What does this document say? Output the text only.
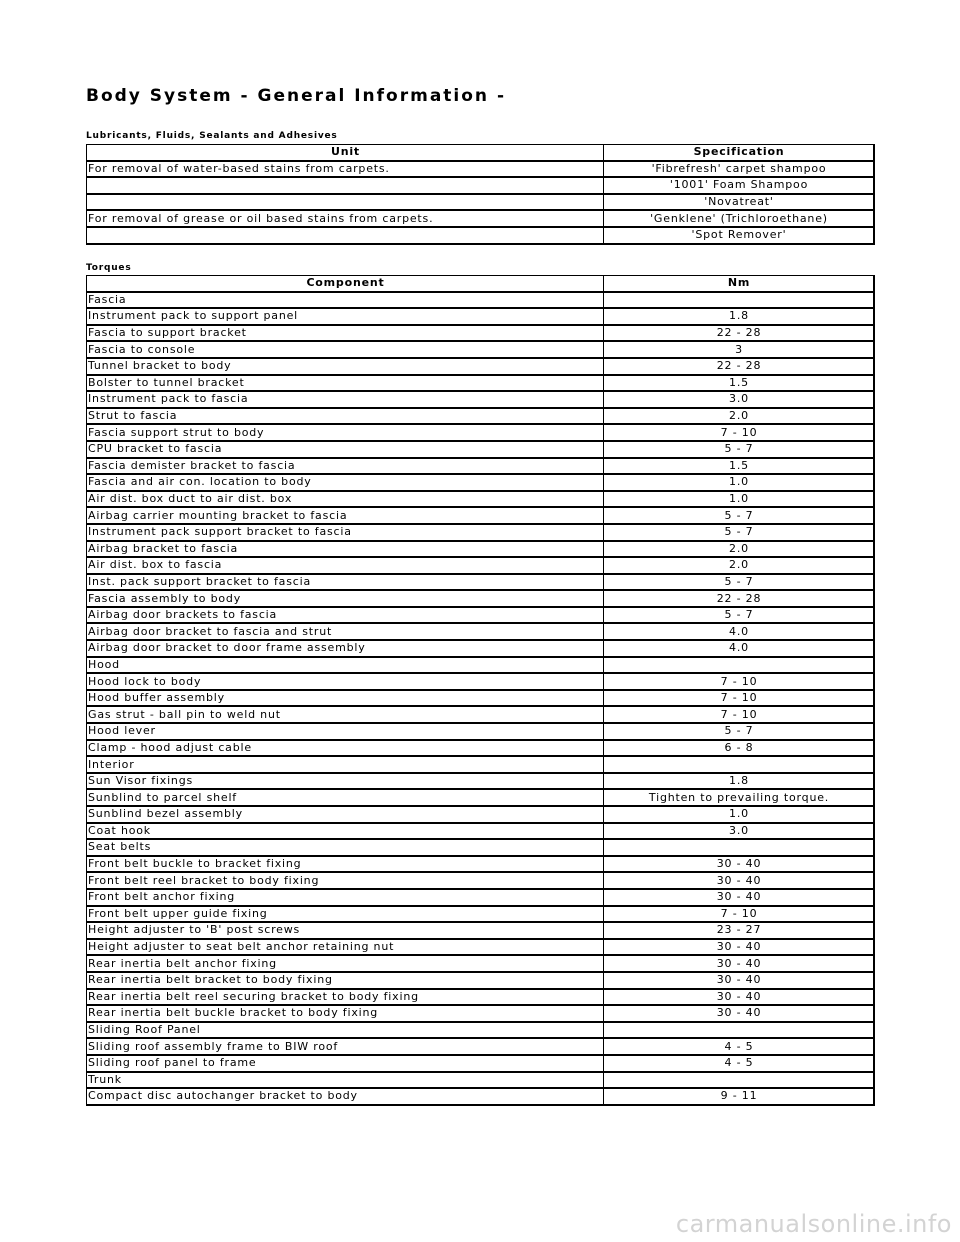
Body System - General Information -
Lubricants, Fluids, Sealants and Adhesives
Unit	Specification
For removal of water-based stains from carpets.	'Fibrefresh' carpet shampoo
	'1001' Foam Shampoo
	'Novatreat'
For removal of grease or oil based stains from carpets.	'Genklene' (Trichloroethane)
	'Spot Remover'
Torques
Component	Nm
Fascia	
Instrument pack to support panel	1.8
Fascia to support bracket	22 - 28
Fascia to console	3
Tunnel bracket to body	22 - 28
Bolster to tunnel bracket	1.5
Instrument pack to fascia	3.0
Strut to fascia	2.0
Fascia support strut to body	7 - 10
CPU bracket to fascia	5 - 7
Fascia demister bracket to fascia	1.5
Fascia and air con. location to body	1.0
Air dist. box duct to air dist. box	1.0
Airbag carrier mounting bracket to fascia	5 - 7
Instrument pack support bracket to fascia	5 - 7
Airbag bracket to fascia	2.0
Air dist. box to fascia	2.0
Inst. pack support bracket to fascia	5 - 7
Fascia assembly to body	22 - 28
Airbag door brackets to fascia	5 - 7
Airbag door bracket to fascia and strut	4.0
Airbag door bracket to door frame assembly	4.0
Hood	
Hood lock to body	7 - 10
Hood buffer assembly	7 - 10
Gas strut - ball pin to weld nut	7 - 10
Hood lever	5 - 7
Clamp - hood adjust cable	6 - 8
Interior	
Sun Visor fixings	1.8
Sunblind to parcel shelf	Tighten to prevailing torque.
Sunblind bezel assembly	1.0
Coat hook	3.0
Seat belts	
Front belt buckle to bracket fixing	30 - 40
Front belt reel bracket to body fixing	30 - 40
Front belt anchor fixing	30 - 40
Front belt upper guide fixing	7 - 10
Height adjuster to 'B' post screws	23 - 27
Height adjuster to seat belt anchor retaining nut	30 - 40
Rear inertia belt anchor fixing	30 - 40
Rear inertia belt bracket to body fixing	30 - 40
Rear inertia belt reel securing bracket to body fixing	30 - 40
Rear inertia belt buckle bracket to body fixing	30 - 40
Sliding Roof Panel	
Sliding roof assembly frame to BIW roof	4 - 5
Sliding roof panel to frame	4 - 5
Trunk	
Compact disc autochanger bracket to body	9 - 11
carmanualsonline.info
